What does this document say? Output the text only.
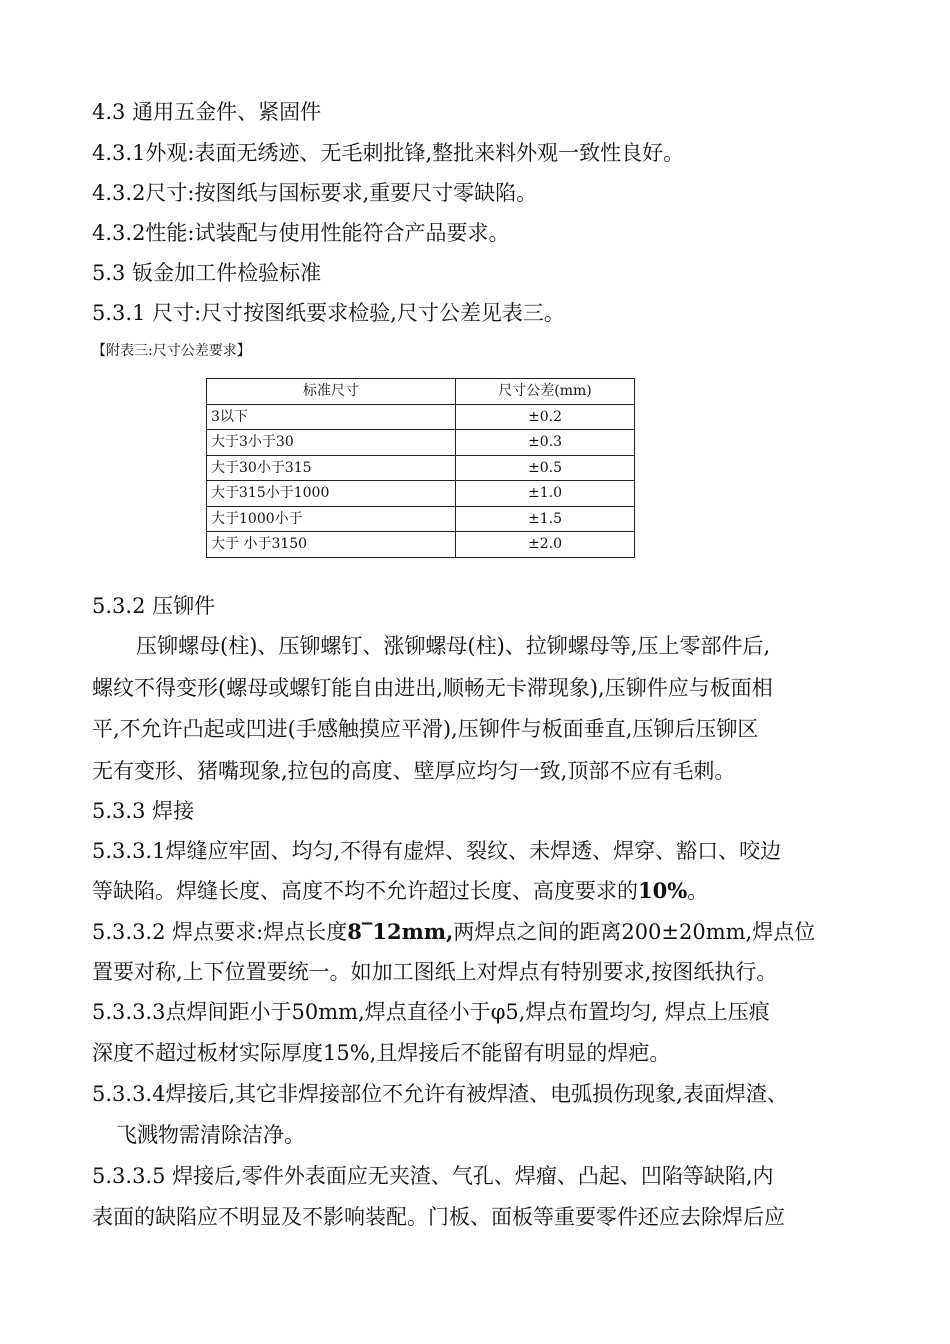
4.3 通用五金件、紧固件
4.3.1外观:表面无绣迹、无毛刺批锋,整批来料外观一致性良好。
4.3.2尺寸:按图纸与国标要求,重要尺寸零缺陷。
4.3.2性能:试装配与使用性能符合产品要求。
5.3 钣金加工件检验标准
5.3.1 尺寸:尺寸按图纸要求检验,尺寸公差见表三。
【附表三:尺寸公差要求】
标准尺寸	尺寸公差(mm)
3以下	±0.2
大于3小于30	±0.3
大于30小于315	±0.5
大于315小于1000	±1.0
大于1000小于	±1.5
大于 小于3150	±2.0
5.3.2 压铆件
压铆螺母(柱)、压铆螺钉、涨铆螺母(柱)、拉铆螺母等,压上零部件后,
螺纹不得变形(螺母或螺钉能自由进出,顺畅无卡滞现象),压铆件应与板面相
平,不允许凸起或凹进(手感触摸应平滑),压铆件与板面垂直,压铆后压铆区
无有变形、猪嘴现象,拉包的高度、壁厚应均匀一致,顶部不应有毛刺。
5.3.3 焊接
5.3.3.1焊缝应牢固、均匀,不得有虚焊、裂纹、未焊透、焊穿、豁口、咬边
等缺陷。焊缝长度、高度不均不允许超过长度、高度要求的10%。
5.3.3.2 焊点要求:焊点长度8‾12mm,两焊点之间的距离200±20mm,焊点位
置要对称,上下位置要统一。如加工图纸上对焊点有特别要求,按图纸执行。
5.3.3.3点焊间距小于50mm,焊点直径小于φ5,焊点布置均匀, 焊点上压痕
深度不超过板材实际厚度15%,且焊接后不能留有明显的焊疤。
5.3.3.4焊接后,其它非焊接部位不允许有被焊渣、电弧损伤现象,表面焊渣、
飞溅物需清除洁净。
5.3.3.5 焊接后,零件外表面应无夹渣、气孔、焊瘤、凸起、凹陷等缺陷,内
表面的缺陷应不明显及不影响装配。门板、面板等重要零件还应去除焊后应
